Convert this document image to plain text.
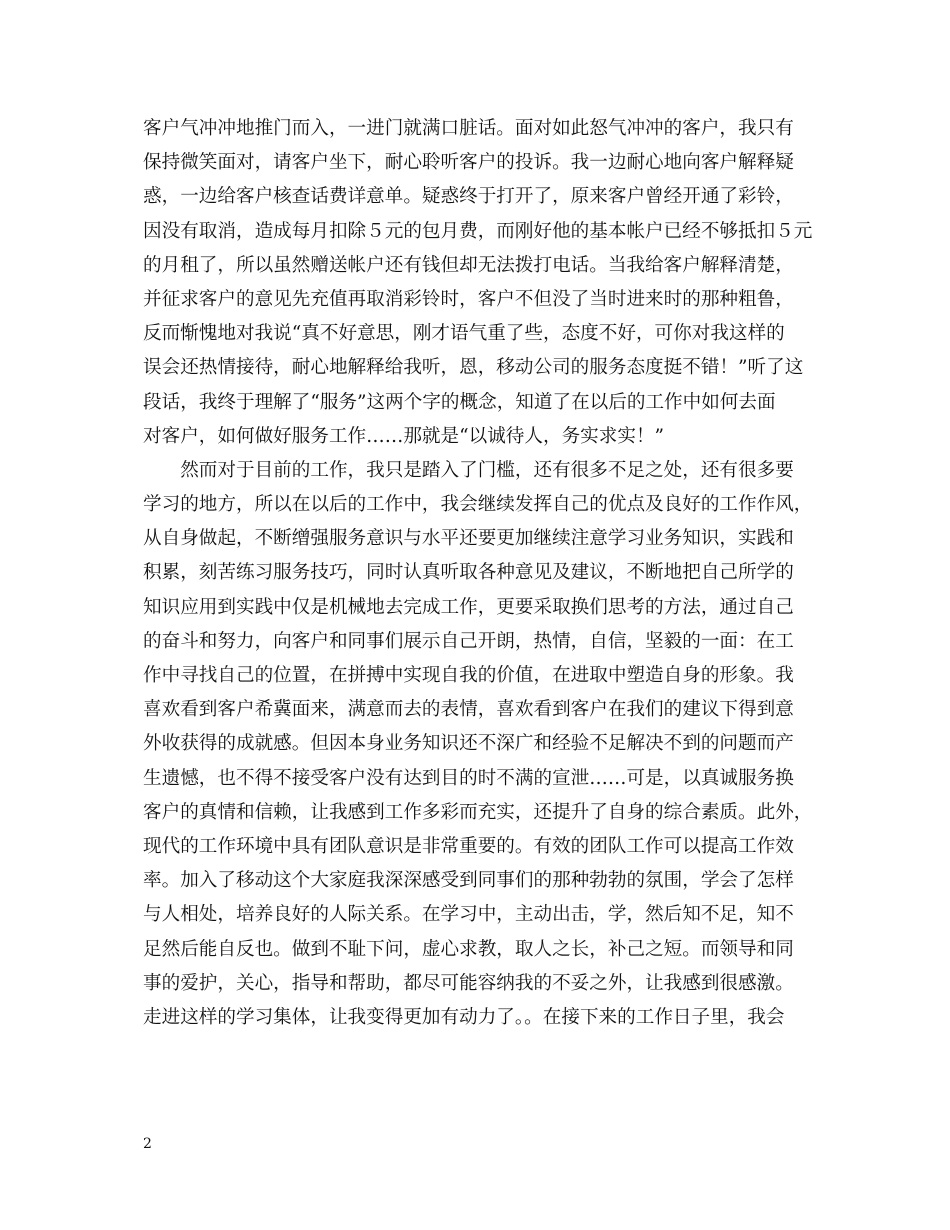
客户气冲冲地推门而入，一进门就满口脏话。面对如此怒气冲冲的客户，我只有
保持微笑面对，请客户坐下，耐心聆听客户的投诉。我一边耐心地向客户解释疑
惑，一边给客户核查话费详意单。疑惑终于打开了，原来客户曾经开通了彩铃，
因没有取消，造成每月扣除５元的包月费，而刚好他的基本帐户已经不够抵扣５元
的月租了，所以虽然赠送帐户还有钱但却无法拨打电话。当我给客户解释清楚，
并征求客户的意见先充值再取消彩铃时，客户不但没了当时进来时的那种粗鲁，
反而惭愧地对我说“真不好意思，刚才语气重了些，态度不好，可你对我这样的
误会还热情接待，耐心地解释给我听，恩，移动公司的服务态度挺不错！”听了这
段话，我终于理解了“服务”这两个字的概念，知道了在以后的工作中如何去面
对客户，如何做好服务工作……那就是“以诚待人，务实求实！”
　　然而对于目前的工作，我只是踏入了门槛，还有很多不足之处，还有很多要
学习的地方，所以在以后的工作中，我会继续发挥自己的优点及良好的工作作风，
从自身做起，不断缯强服务意识与水平还要更加继续注意学习业务知识，实践和
积累，刻苦练习服务技巧，同时认真听取各种意见及建议，不断地把自己所学的
知识应用到实践中仅是机械地去完成工作，更要采取换们思考的方法，通过自己
的奋斗和努力，向客户和同事们展示自己开朗，热情，自信，坚毅的一面：在工
作中寻找自己的位置，在拼搏中实现自我的价值，在进取中塑造自身的形象。我
喜欢看到客户希冀面来，满意而去的表情，喜欢看到客户在我们的建议下得到意
外收获得的成就感。但因本身业务知识还不深广和经验不足解决不到的问题而产
生遗憾，也不得不接受客户没有达到目的时不满的宣泄……可是，以真诚服务换
客户的真情和信赖，让我感到工作多彩而充实，还提升了自身的综合素质。此外，
现代的工作环境中具有团队意识是非常重要的。有效的团队工作可以提高工作效
率。加入了移动这个大家庭我深深感受到同事们的那种勃勃的氛围，学会了怎样
与人相处，培养良好的人际关系。在学习中，主动出击，学，然后知不足，知不
足然后能自反也。做到不耻下问，虚心求教，取人之长，补己之短。而领导和同
事的爱护，关心，指导和帮助，都尽可能容纳我的不妥之外，让我感到很感激。
走进这样的学习集体，让我变得更加有动力了。。在接下来的工作日子里，我会
2
